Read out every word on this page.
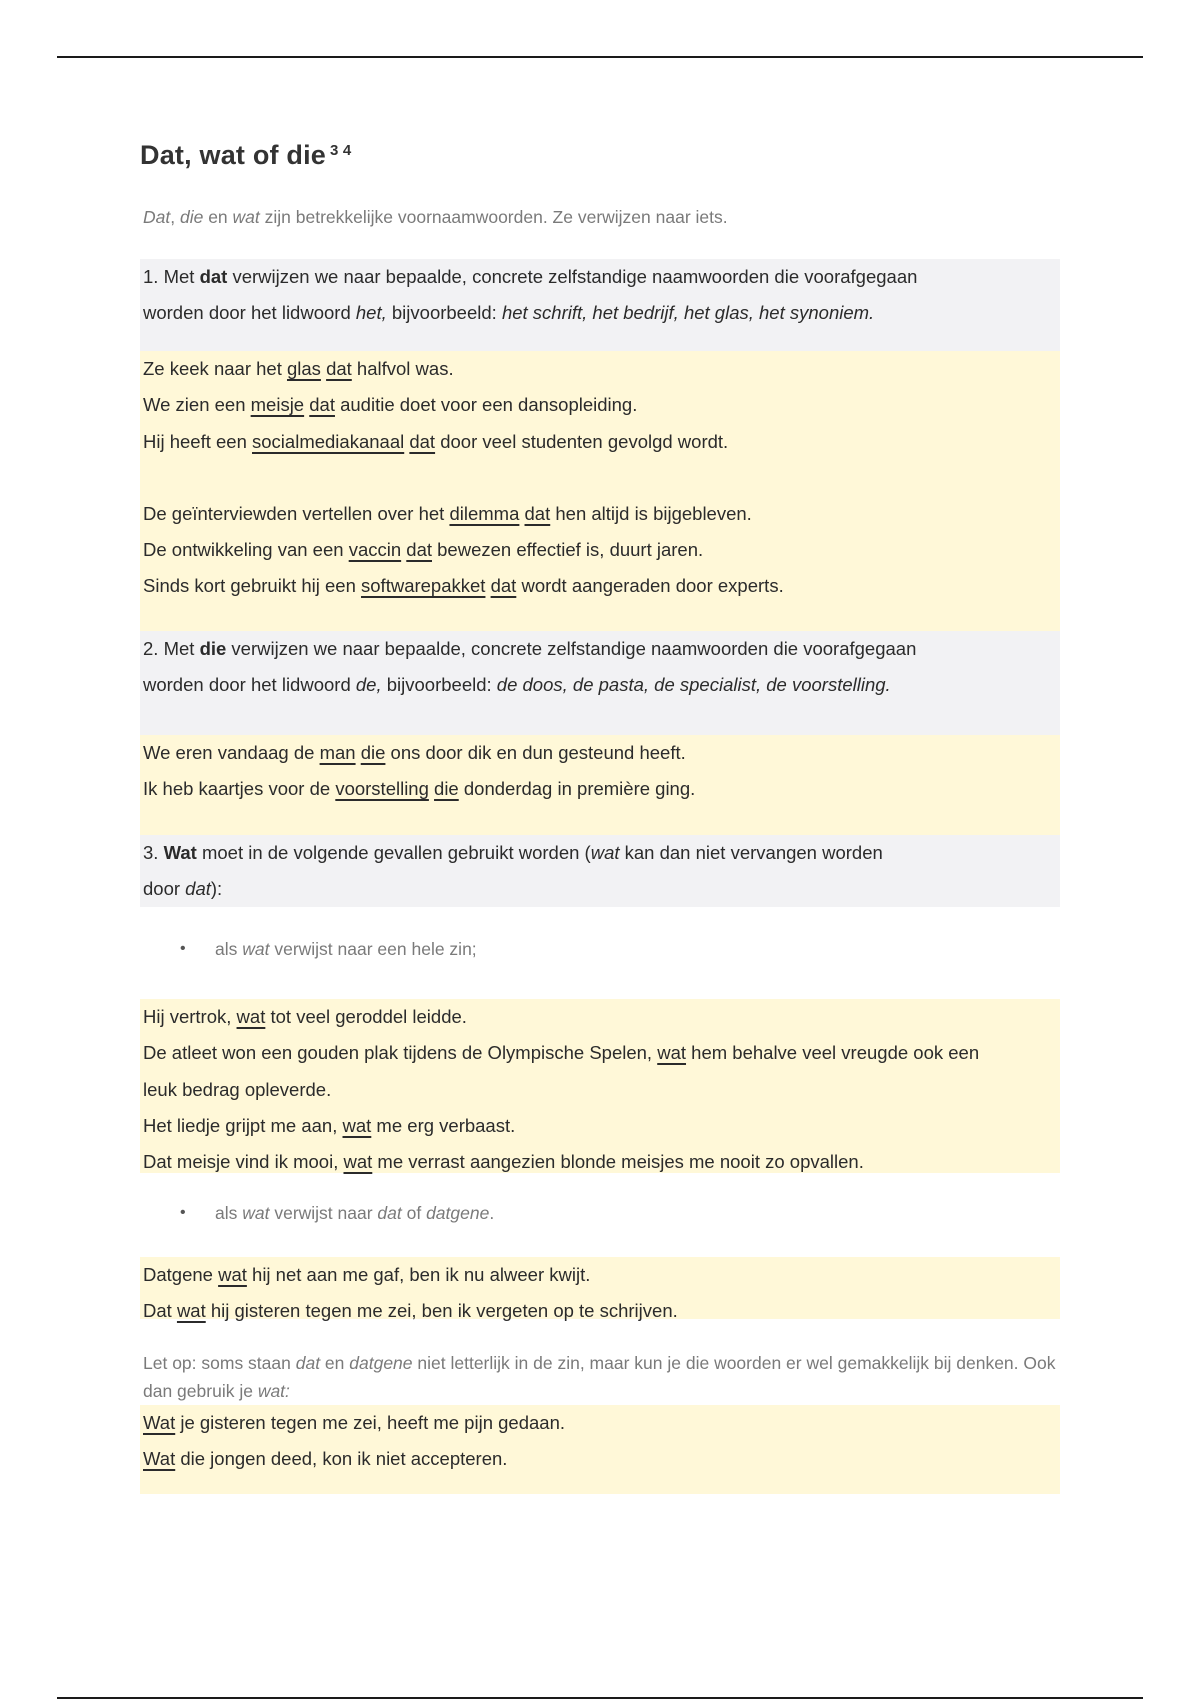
Dat, wat of die $^{3 4}$

Dat, die en wat zijn betrekkelijke voornaamwoorden. Ze verwijzen naar iets.

1. Met dat verwijzen we naar bepaalde, concrete zelfstandige naamwoorden die voorafgegaan
worden door het lidwoord het, bijvoorbeeld: het schrift, het bedrijf, het glas, het synoniem.
Ze keek naar het glas dat halfvol was.
We zien een meisje dat auditie doet voor een dansopleiding.
Hij heeft een socialmediakanaal dat door veel studenten gevolgd wordt.
De geïnterviewden vertellen over het dilemma dat hen altijd is bijgebleven.
De ontwikkeling van een vaccin dat bewezen effectief is, duurt jaren.
Sinds kort gebruikt hij een softwarepakket dat wordt aangeraden door experts.
2. Met die verwijzen we naar bepaalde, concrete zelfstandige naamwoorden die voorafgegaan
worden door het lidwoord de, bijvoorbeeld: de doos, de pasta, de specialist, de voorstelling.
We eren vandaag de man die ons door dik en dun gesteund heeft.
Ik heb kaartjes voor de voorstelling die donderdag in première ging.
3. Wat moet in de volgende gevallen gebruikt worden (wat kan dan niet vervangen worden
door dat):
• als wat verwijst naar een hele zin;
Hij vertrok, wat tot veel geroddel leidde.
De atleet won een gouden plak tijdens de Olympische Spelen, wat hem behalve veel vreugde ook een
leuk bedrag opleverde.
Het liedje grijpt me aan, wat me erg verbaast.
Dat meisje vind ik mooi, wat me verrast aangezien blonde meisjes me nooit zo opvallen.
• als wat verwijst naar dat of datgene.
Datgene wat hij net aan me gaf, ben ik nu alweer kwijt.
Dat wat hij gisteren tegen me zei, ben ik vergeten op te schrijven.

Let op: soms staan dat en datgene niet letterlijk in de zin, maar kun je die woorden er wel gemakkelijk bij denken. Ook dan gebruik je wat:

Wat je gisteren tegen me zei, heeft me pijn gedaan.
Wat die jongen deed, kon ik niet accepteren.
